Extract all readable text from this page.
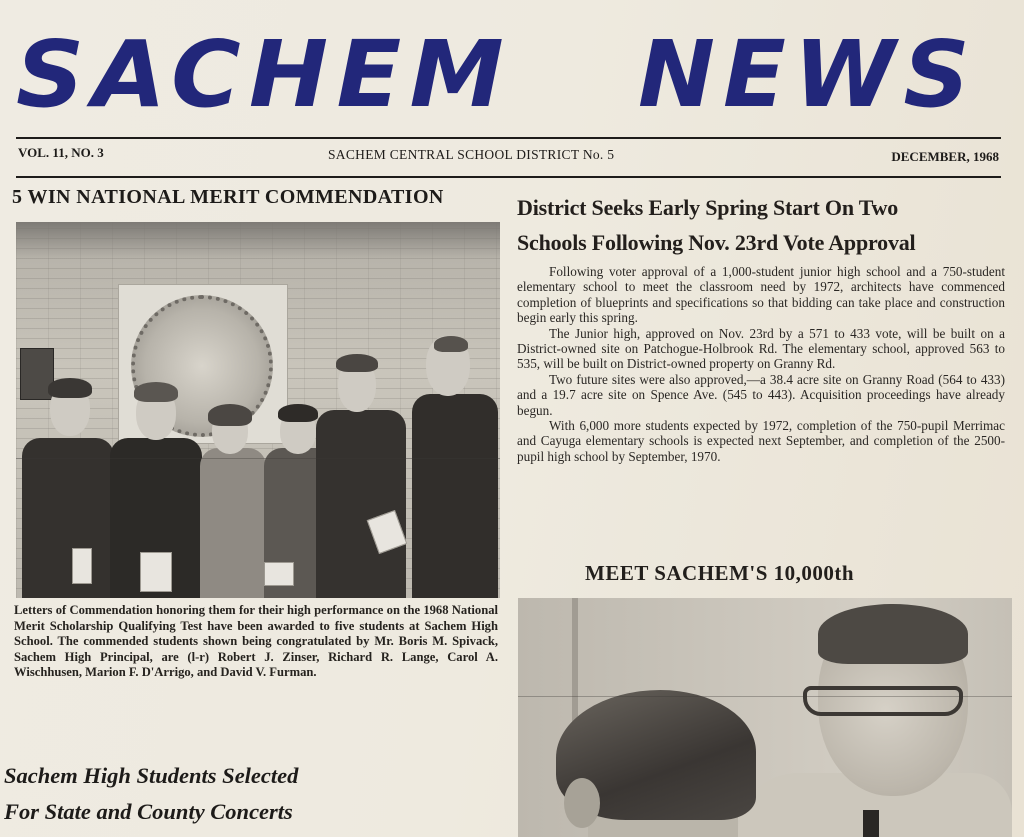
SACHEM NEWS
VOL. 11, NO. 3	SACHEM CENTRAL SCHOOL DISTRICT No. 5	DECEMBER, 1968
5 WIN NATIONAL MERIT COMMENDATION
Letters of Commendation honoring them for their high performance on the 1968 National Merit Scholarship Qualifying Test have been awarded to five students at Sachem High School. The commended students shown being congratulated by Mr. Boris M. Spivack, Sachem High Principal, are (l-r) Robert J. Zinser, Richard R. Lange, Carol A. Wischhusen, Marion F. D'Arrigo, and David V. Furman.
Sachem High Students Selected
For State and County Concerts
District Seeks Early Spring Start On Two
Schools Following Nov. 23rd Vote Approval

Following voter approval of a 1,000-student junior high school and a 750-student elementary school to meet the classroom need by 1972, architects have commenced completion of blueprints and specifications so that bidding can take place and construction begin early this spring.

The Junior high, approved on Nov. 23rd by a 571 to 433 vote, will be built on a District-owned site on Patchogue-Holbrook Rd. The elementary school, approved 563 to 535, will be built on District-owned property on Granny Rd.

Two future sites were also approved,—a 38.4 acre site on Granny Road (564 to 433) and a 19.7 acre site on Spence Ave. (545 to 443). Acquisition proceedings have already begun.

With 6,000 more students expected by 1972, completion of the 750-pupil Merrimac and Cayuga elementary schools is expected next September, and completion of the 2500-pupil high school by September, 1970.

MEET SACHEM'S 10,000th
